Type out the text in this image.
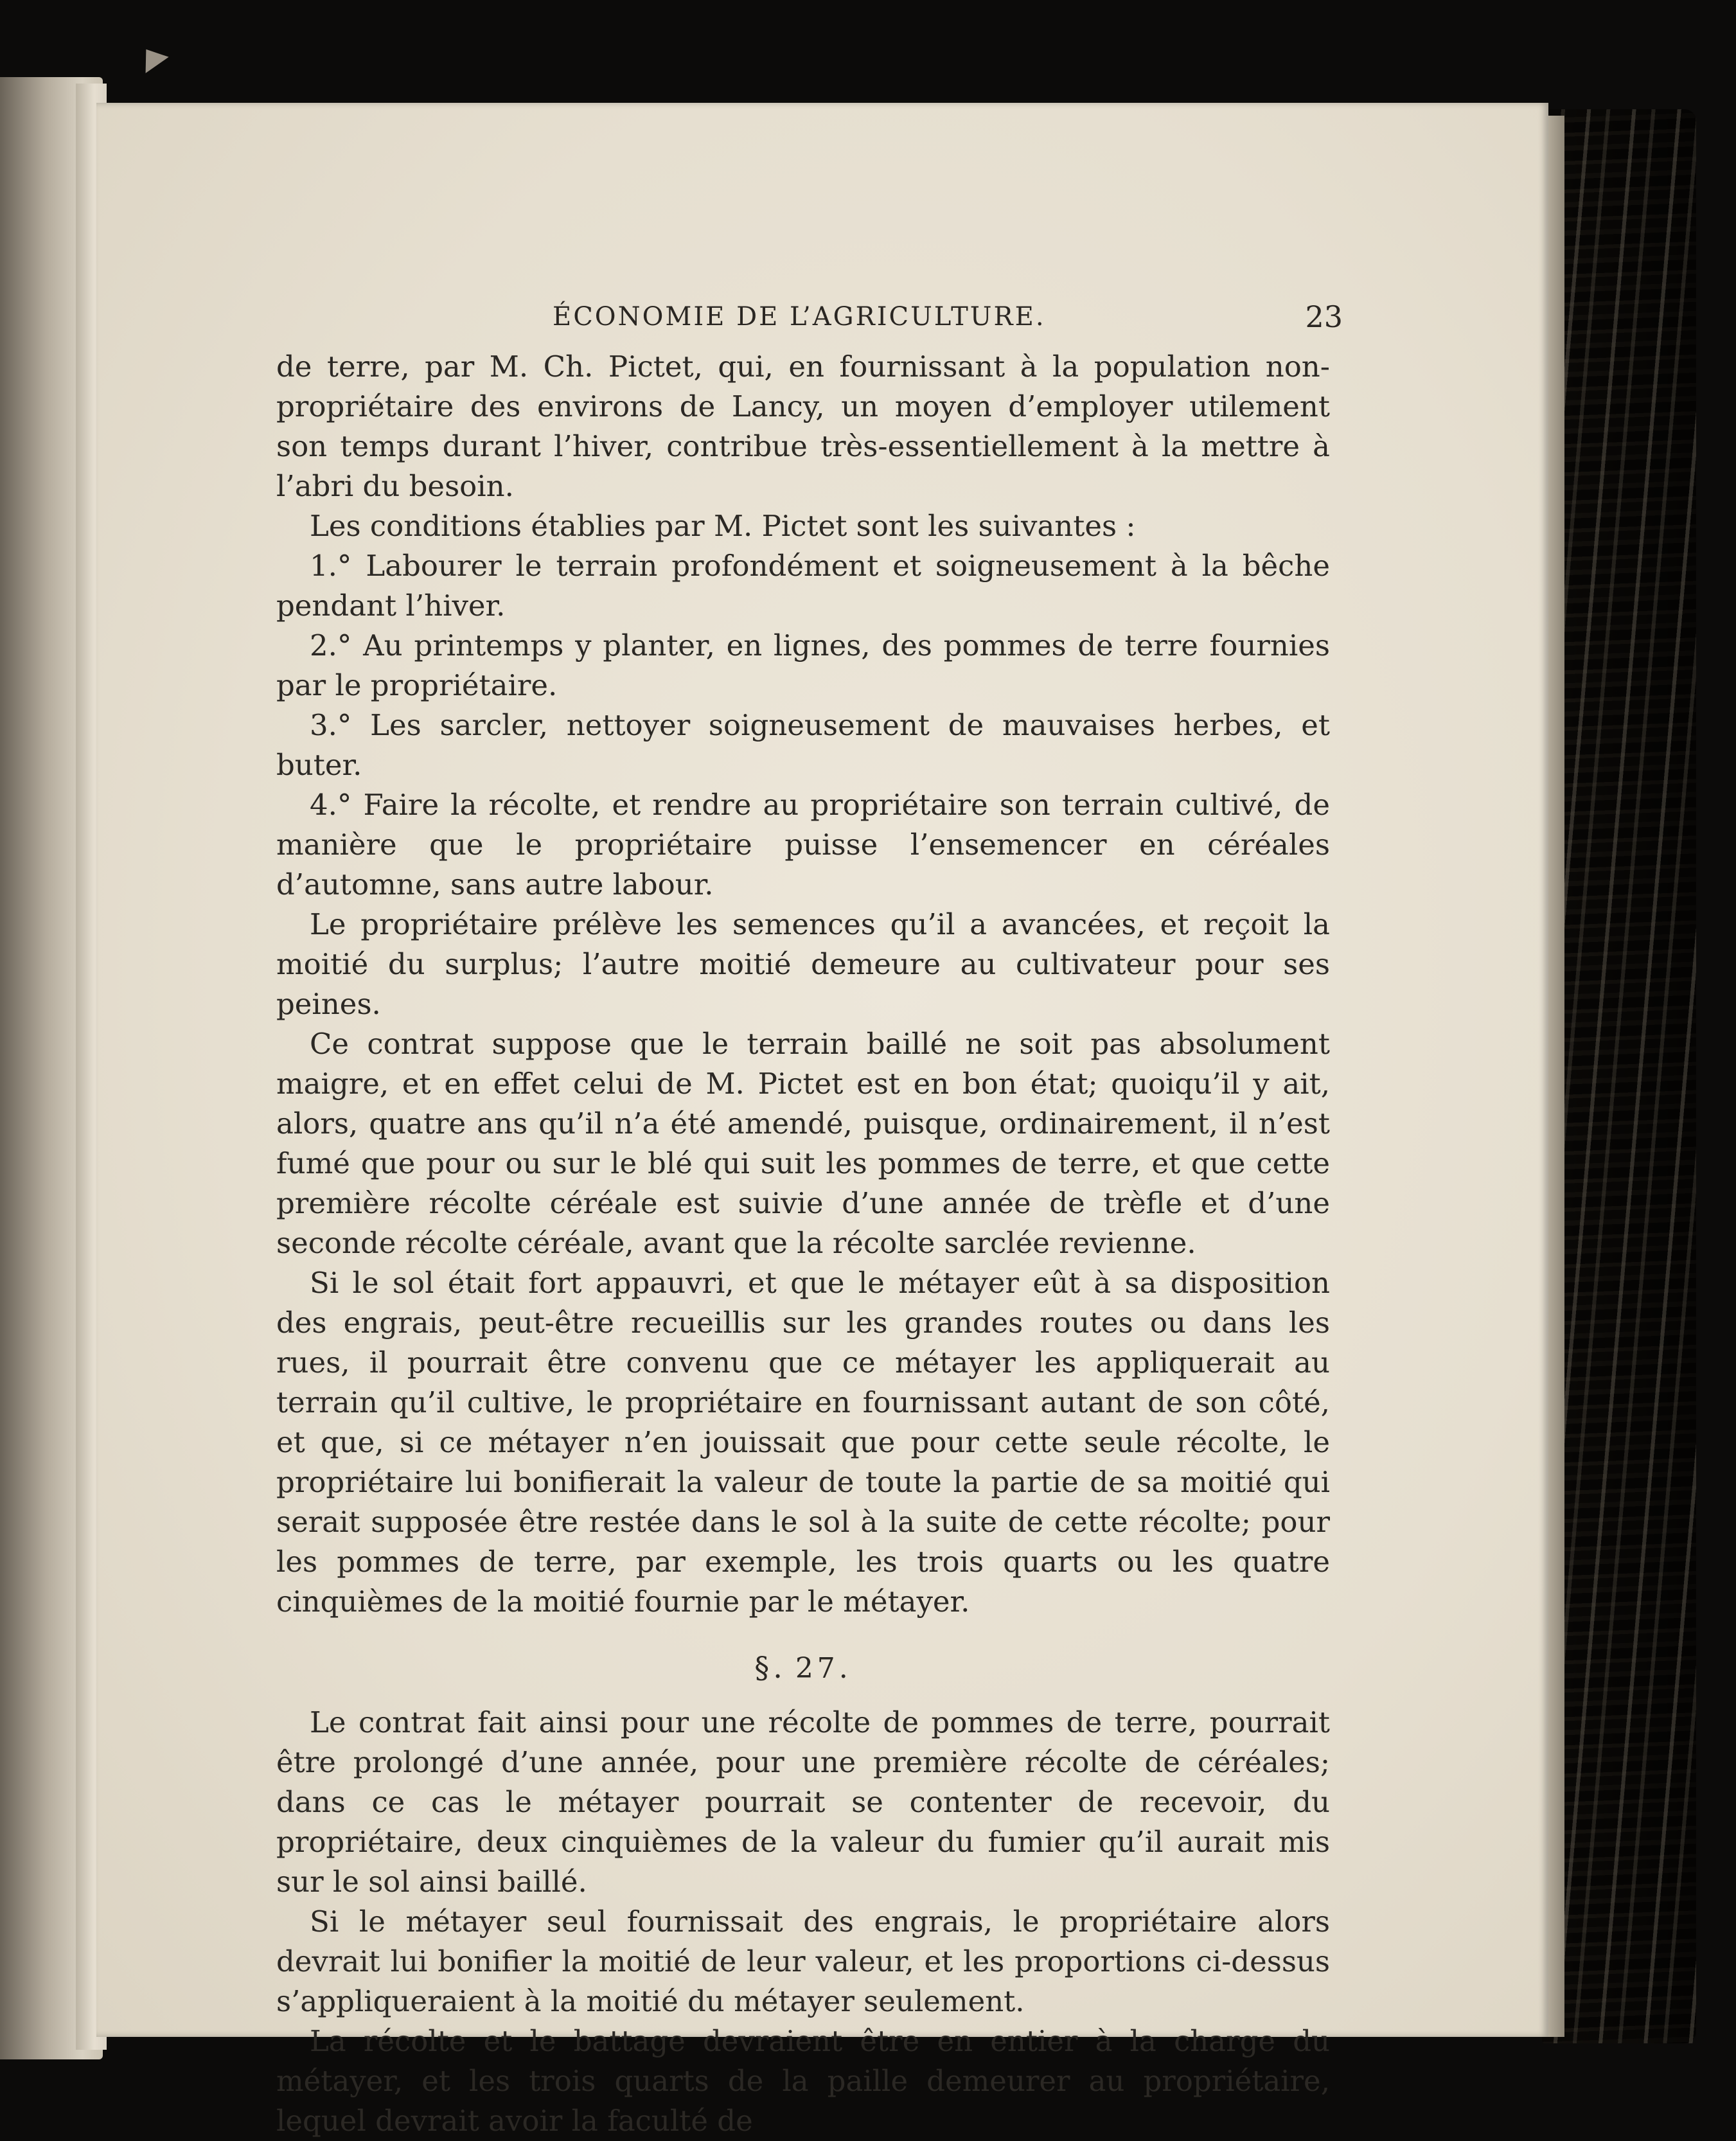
ÉCONOMIE DE L’AGRICULTURE.	23

de terre, par M. Ch. Pictet, qui, en fournissant à la population non-propriétaire des environs de Lancy, un moyen d’employer utilement son temps durant l’hiver, contribue très-essentiellement à la mettre à l’abri du besoin.

Les conditions établies par M. Pictet sont les suivantes :

1.° Labourer le terrain profondément et soigneusement à la bêche pendant l’hiver.

2.° Au printemps y planter, en lignes, des pommes de terre fournies par le propriétaire.

3.° Les sarcler, nettoyer soigneusement de mauvaises herbes, et buter.

4.° Faire la récolte, et rendre au propriétaire son terrain cultivé, de manière que le propriétaire puisse l’ensemencer en céréales d’automne, sans autre labour.

Le propriétaire prélève les semences qu’il a avancées, et reçoit la moitié du surplus; l’autre moitié demeure au cultivateur pour ses peines.

Ce contrat suppose que le terrain baillé ne soit pas absolument maigre, et en effet celui de M. Pictet est en bon état; quoiqu’il y ait, alors, quatre ans qu’il n’a été amendé, puisque, ordinairement, il n’est fumé que pour ou sur le blé qui suit les pommes de terre, et que cette première récolte céréale est suivie d’une année de trèfle et d’une seconde récolte céréale, avant que la récolte sarclée revienne.

Si le sol était fort appauvri, et que le métayer eût à sa disposition des engrais, peut-être recueillis sur les grandes routes ou dans les rues, il pourrait être convenu que ce métayer les appliquerait au terrain qu’il cultive, le propriétaire en fournissant autant de son côté, et que, si ce métayer n’en jouissait que pour cette seule récolte, le propriétaire lui bonifierait la valeur de toute la partie de sa moitié qui serait supposée être restée dans le sol à la suite de cette récolte; pour les pommes de terre, par exemple, les trois quarts ou les quatre cinquièmes de la moitié fournie par le métayer.

§. 27.

Le contrat fait ainsi pour une récolte de pommes de terre, pourrait être prolongé d’une année, pour une première récolte de céréales; dans ce cas le métayer pourrait se contenter de recevoir, du propriétaire, deux cinquièmes de la valeur du fumier qu’il aurait mis sur le sol ainsi baillé.

Si le métayer seul fournissait des engrais, le propriétaire alors devrait lui bonifier la moitié de leur valeur, et les proportions ci-dessus s’appliqueraient à la moitié du métayer seulement.

La récolte et le battage devraient être en entier à la charge du métayer, et les trois quarts de la paille demeurer au propriétaire, lequel devrait avoir la faculté de
